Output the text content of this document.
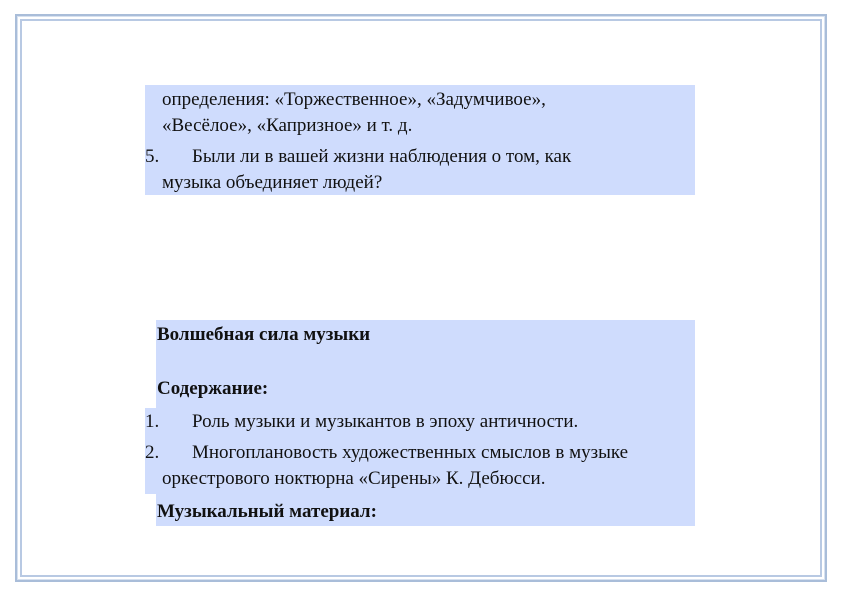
определения: «Торжественное», «Задумчивое»,
«Весёлое», «Капризное» и т. д.
5. Были ли в вашей жизни наблюдения о том, как
музыка объединяет людей?
Волшебная сила музыки
Содержание:
1. Роль музыки и музыкантов в эпоху античности.
2. Многоплановость художественных смыслов в музыке
оркестрового ноктюрна «Сирены» К. Дебюсси.
Музыкальный материал:
